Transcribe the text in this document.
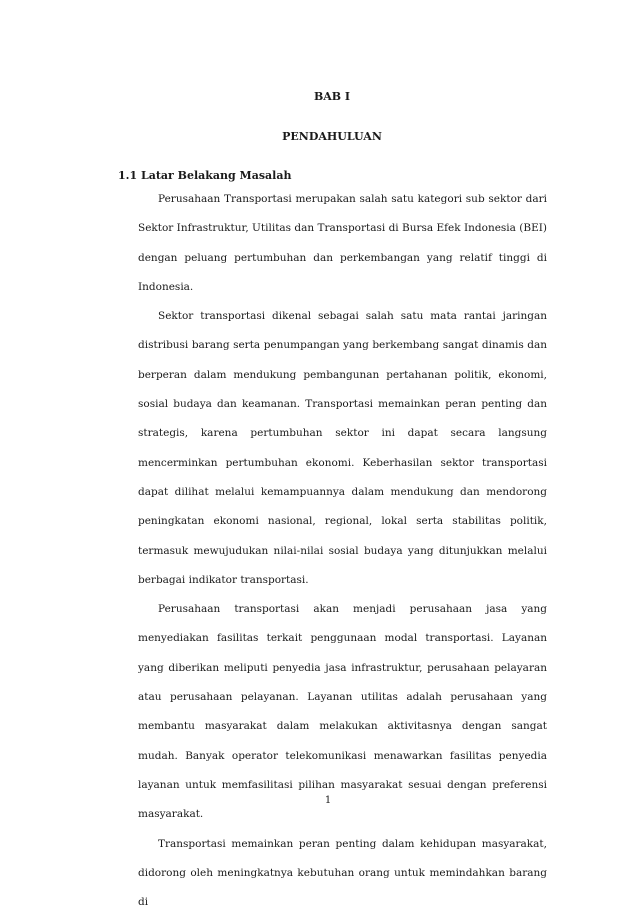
BAB I
PENDAHULUAN
1.1 Latar Belakang Masalah

Perusahaan Transportasi merupakan salah satu kategori sub sektor dari Sektor Infrastruktur, Utilitas dan Transportasi di Bursa Efek Indonesia (BEI) dengan peluang pertumbuhan dan perkembangan yang relatif tinggi di Indonesia.

Sektor transportasi dikenal sebagai salah satu mata rantai jaringan distribusi barang serta penumpangan yang berkembang sangat dinamis dan berperan dalam mendukung pembangunan pertahanan politik, ekonomi, sosial budaya dan keamanan. Transportasi memainkan peran penting dan strategis, karena pertumbuhan sektor ini dapat secara langsung mencerminkan pertumbuhan ekonomi. Keberhasilan sektor transportasi dapat dilihat melalui kemampuannya dalam mendukung dan mendorong peningkatan ekonomi nasional, regional, lokal serta stabilitas politik, termasuk mewujudukan nilai-nilai sosial budaya yang ditunjukkan melalui berbagai indikator transportasi.

Perusahaan transportasi akan menjadi perusahaan jasa yang menyediakan fasilitas terkait penggunaan modal transportasi. Layanan yang diberikan meliputi penyedia jasa infrastruktur, perusahaan pelayaran atau perusahaan pelayanan. Layanan utilitas adalah perusahaan yang membantu masyarakat dalam melakukan aktivitasnya dengan sangat mudah. Banyak operator telekomunikasi menawarkan fasilitas penyedia layanan untuk memfasilitasi pilihan masyarakat sesuai dengan preferensi masyarakat.

Transportasi memainkan peran penting dalam kehidupan masyarakat, didorong oleh meningkatnya kebutuhan orang untuk memindahkan barang di

1
